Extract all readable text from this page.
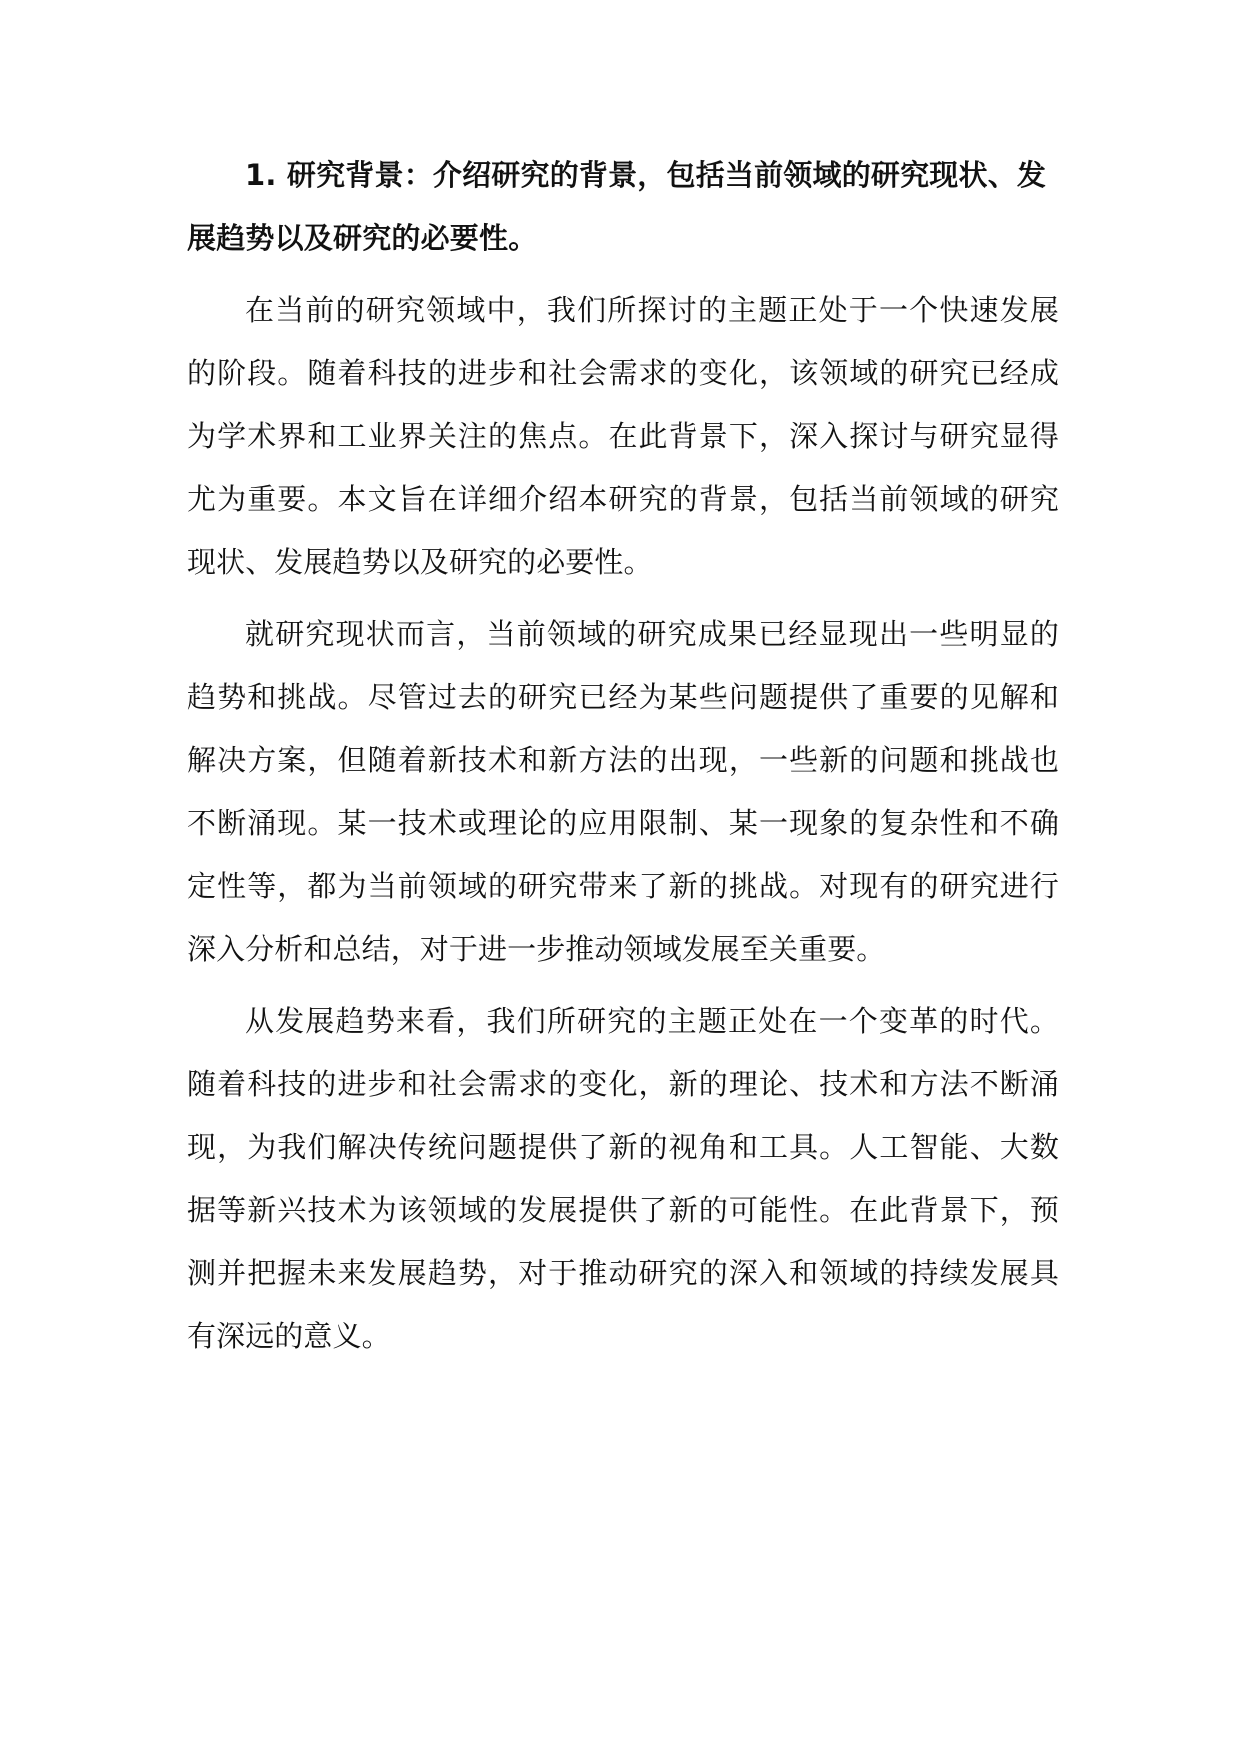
1. 研究背景：介绍研究的背景，包括当前领域的研究现状、发展趋势以及研究的必要性。

在当前的研究领域中，我们所探讨的主题正处于一个快速发展的阶段。随着科技的进步和社会需求的变化，该领域的研究已经成为学术界和工业界关注的焦点。在此背景下，深入探讨与研究显得尤为重要。本文旨在详细介绍本研究的背景，包括当前领域的研究现状、发展趋势以及研究的必要性。

就研究现状而言，当前领域的研究成果已经显现出一些明显的趋势和挑战。尽管过去的研究已经为某些问题提供了重要的见解和解决方案，但随着新技术和新方法的出现，一些新的问题和挑战也不断涌现。某一技术或理论的应用限制、某一现象的复杂性和不确定性等，都为当前领域的研究带来了新的挑战。对现有的研究进行深入分析和总结，对于进一步推动领域发展至关重要。

从发展趋势来看，我们所研究的主题正处在一个变革的时代。随着科技的进步和社会需求的变化，新的理论、技术和方法不断涌现，为我们解决传统问题提供了新的视角和工具。人工智能、大数据等新兴技术为该领域的发展提供了新的可能性。在此背景下，预测并把握未来发展趋势，对于推动研究的深入和领域的持续发展具有深远的意义。
